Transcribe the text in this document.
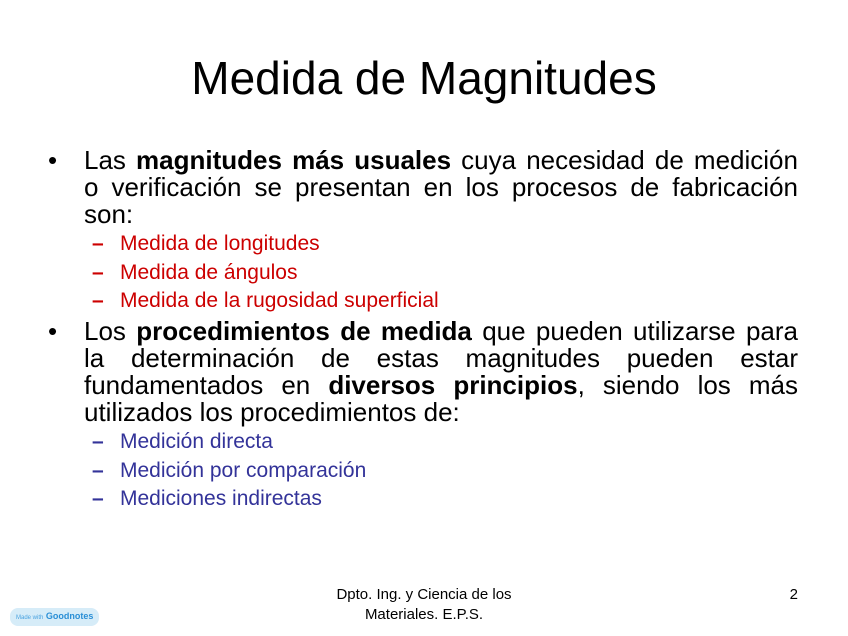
Medida de Magnitudes
•	Las magnitudes más usuales cuya necesidad de medición o verificación se presentan en los procesos de fabricación son:
– Medida de longitudes
– Medida de ángulos
– Medida de la rugosidad superficial
•	Los procedimientos de medida que pueden utilizarse para la determinación de estas magnitudes pueden estar fundamentados en diversos principios, siendo los más utilizados los procedimientos de:
– Medición directa
– Medición por comparación
– Mediciones indirectas
Dpto. Ing. y Ciencia de los
Materiales. E.P.S.
2
Made with Goodnotes
